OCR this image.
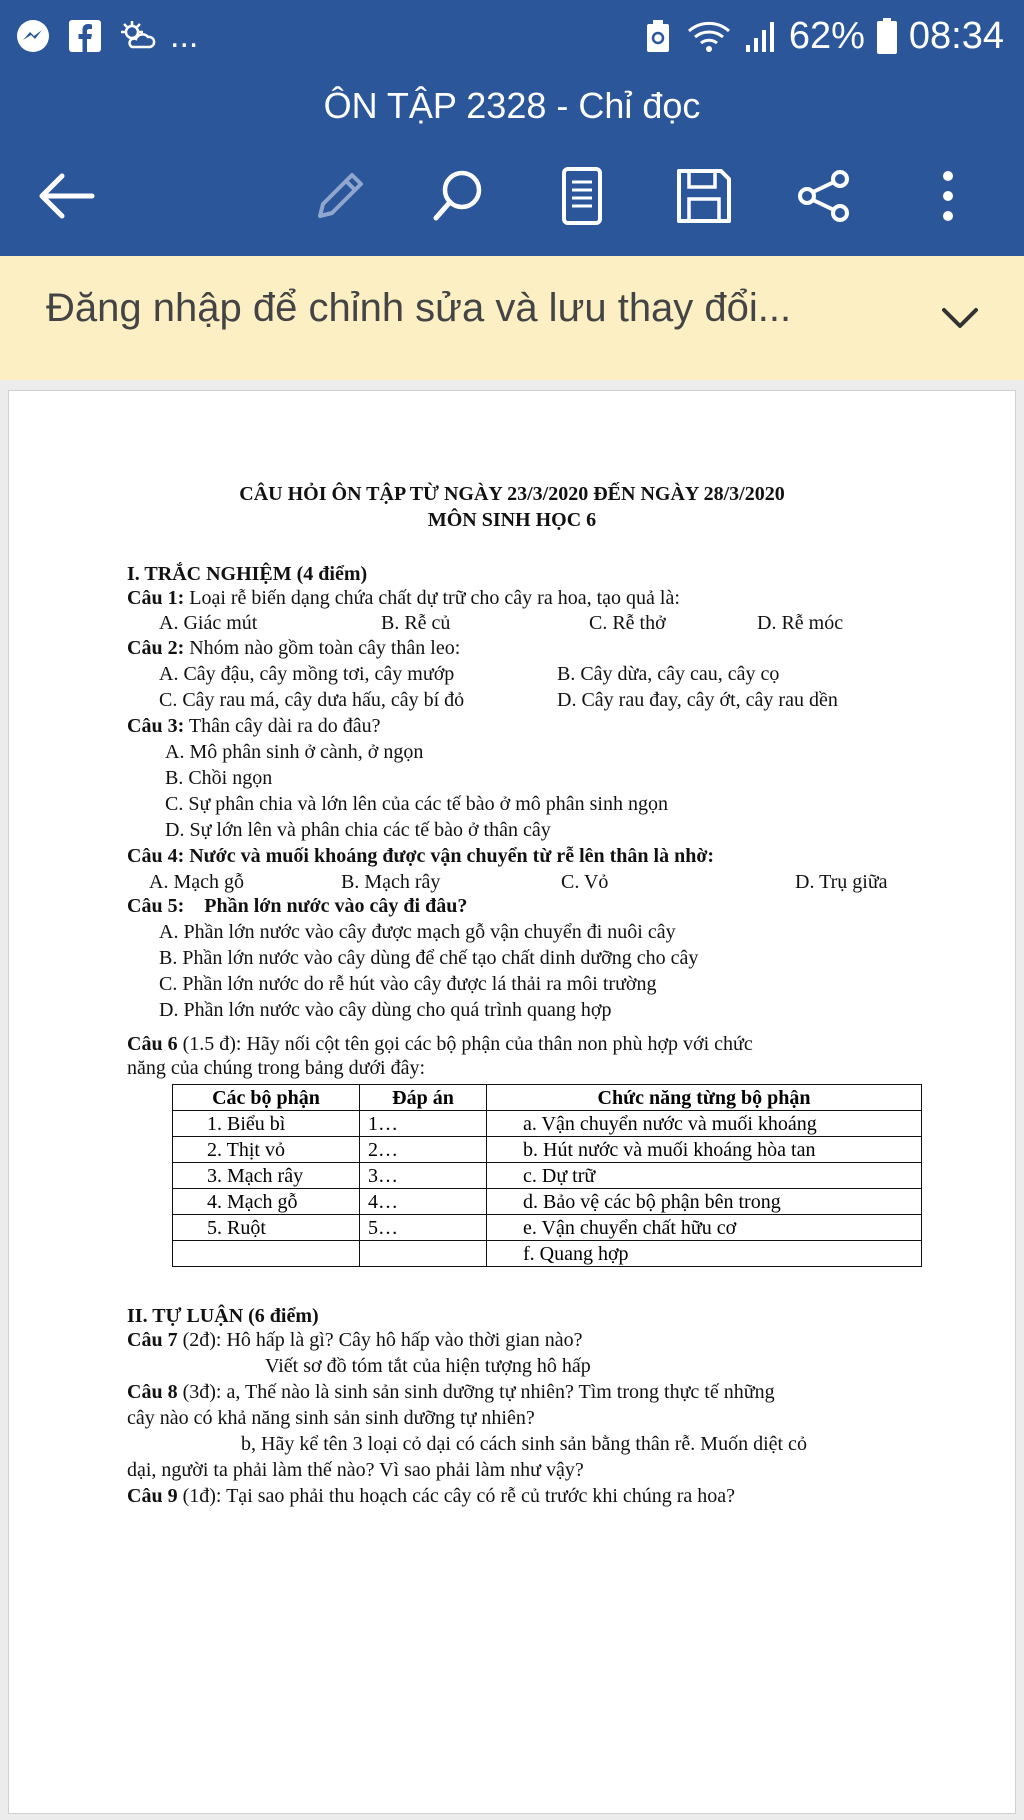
...	62% 08:34
ÔN TẬP 2328 - Chỉ đọc
Đăng nhập để chỉnh sửa và lưu thay đổi...
CÂU HỎI ÔN TẬP TỪ NGÀY 23/3/2020 ĐẾN NGÀY 28/3/2020
MÔN SINH HỌC 6
I. TRẮC NGHIỆM (4 điểm)
Câu 1: Loại rễ biến dạng chứa chất dự trữ cho cây ra hoa, tạo quả là:
A. Giác mút	B. Rễ củ	C. Rễ thở	D. Rễ móc
Câu 2: Nhóm nào gồm toàn cây thân leo:
A. Cây đậu, cây mồng tơi, cây mướp	B. Cây dừa, cây cau, cây cọ
C. Cây rau má, cây dưa hấu, cây bí đỏ	D. Cây rau đay, cây ớt, cây rau dền
Câu 3: Thân cây dài ra do đâu?
A. Mô phân sinh ở cành, ở ngọn
B. Chồi ngọn
C. Sự phân chia và lớn lên của các tế bào ở mô phân sinh ngọn
D. Sự lớn lên và phân chia các tế bào ở thân cây
Câu 4: Nước và muối khoáng được vận chuyển từ rễ lên thân là nhờ:
A. Mạch gỗ	B. Mạch rây	C. Vỏ	D. Trụ giữa
Câu 5: Phần lớn nước vào cây đi đâu?
A. Phần lớn nước vào cây được mạch gỗ vận chuyển đi nuôi cây
B. Phần lớn nước vào cây dùng để chế tạo chất dinh dưỡng cho cây
C. Phần lớn nước do rễ hút vào cây được lá thải ra môi trường
D. Phần lớn nước vào cây dùng cho quá trình quang hợp
Câu 6 (1.5 đ): Hãy nối cột tên gọi các bộ phận của thân non phù hợp với chức
năng của chúng trong bảng dưới đây:
Các bộ phận	Đáp án	Chức năng từng bộ phận
1. Biểu bì	1…	a. Vận chuyển nước và muối khoáng
2. Thịt vỏ	2…	b. Hút nước và muối khoáng hòa tan
3. Mạch rây	3…	c. Dự trữ
4. Mạch gỗ	4…	d. Bảo vệ các bộ phận bên trong
5. Ruột	5…	e. Vận chuyển chất hữu cơ
		f. Quang hợp
II. TỰ LUẬN (6 điểm)
Câu 7 (2đ): Hô hấp là gì? Cây hô hấp vào thời gian nào?
Viết sơ đồ tóm tắt của hiện tượng hô hấp
Câu 8 (3đ): a, Thế nào là sinh sản sinh dưỡng tự nhiên? Tìm trong thực tế những
cây nào có khả năng sinh sản sinh dưỡng tự nhiên?
b, Hãy kể tên 3 loại cỏ dại có cách sinh sản bằng thân rễ. Muốn diệt cỏ
dại, người ta phải làm thế nào? Vì sao phải làm như vậy?
Câu 9 (1đ): Tại sao phải thu hoạch các cây có rễ củ trước khi chúng ra hoa?
